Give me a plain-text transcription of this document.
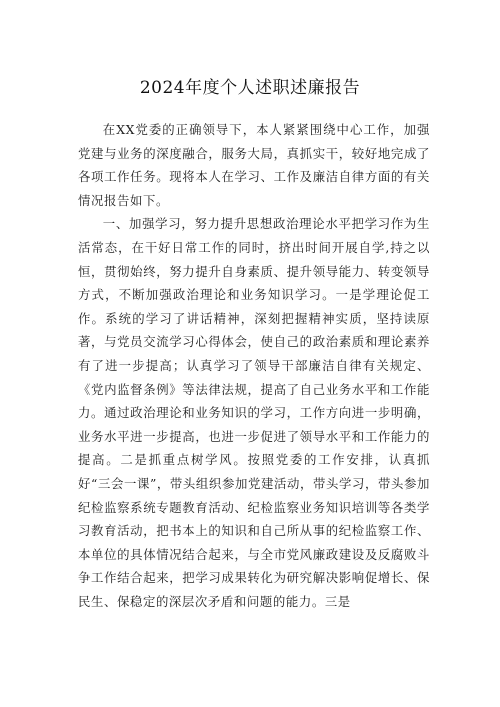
2024年度个人述职述廉报告

在XX党委的正确领导下，本人紧紧围绕中心工作，加强党建与业务的深度融合，服务大局，真抓实干，较好地完成了各项工作任务。现将本人在学习、工作及廉洁自律方面的有关情况报告如下。

一、加强学习，努力提升思想政治理论水平把学习作为生活常态，在干好日常工作的同时，挤出时间开展自学,持之以恒，贯彻始终，努力提升自身素质、提升领导能力、转变领导方式，不断加强政治理论和业务知识学习。一是学理论促工作。系统的学习了讲话精神，深刻把握精神实质，坚持读原著，与党员交流学习心得体会，使自己的政治素质和理论素养有了进一步提高；认真学习了领导干部廉洁自律有关规定、《党内监督条例》等法律法规，提高了自己业务水平和工作能力。通过政治理论和业务知识的学习，工作方向进一步明确，业务水平进一步提高，也进一步促进了领导水平和工作能力的提高。二是抓重点树学风。按照党委的工作安排，认真抓好“三会一课”，带头组织参加党建活动，带头学习，带头参加纪检监察系统专题教育活动、纪检监察业务知识培训等各类学习教育活动，把书本上的知识和自己所从事的纪检监察工作、本单位的具体情况结合起来，与全市党风廉政建设及反腐败斗争工作结合起来，把学习成果转化为研究解决影响促增长、保民生、保稳定的深层次矛盾和问题的能力。三是
